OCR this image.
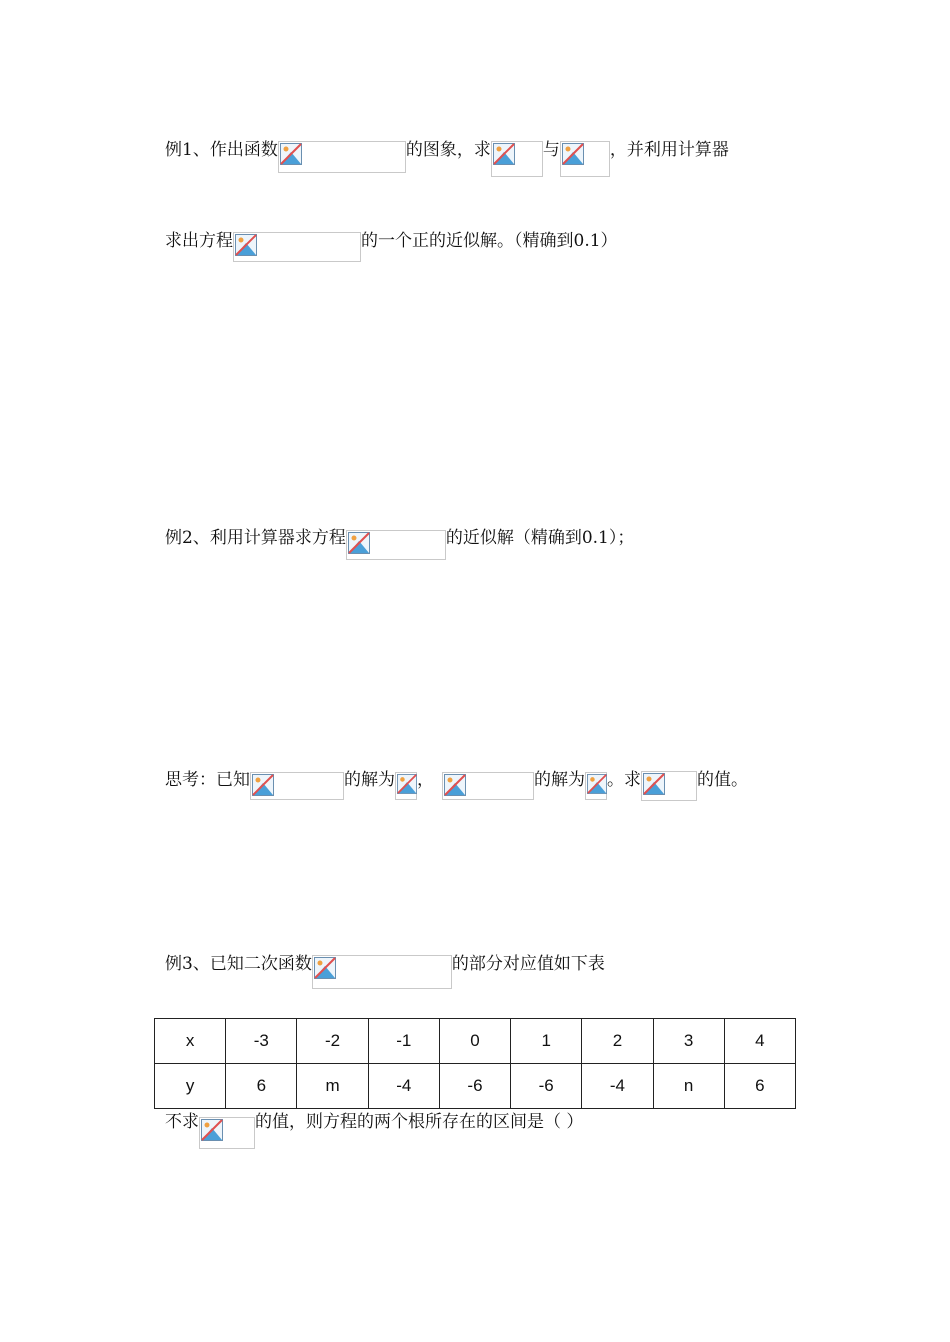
例1、作出函数	的图象，求	与	，并利用计算器
求出方程	的一个正的近似解。（精确到0.1）
例2、利用计算器求方程	的近似解（精确到0.1）；
思考：已知	的解为 ，	的解为 。求	的值。
例3、已知二次函数	的部分对应值如下表
x	-3	-2	-1	0	1	2	3	4
y	6	m	-4	-6	-6	-4	n	6
不求	的值，则方程的两个根所存在的区间是（ ）
